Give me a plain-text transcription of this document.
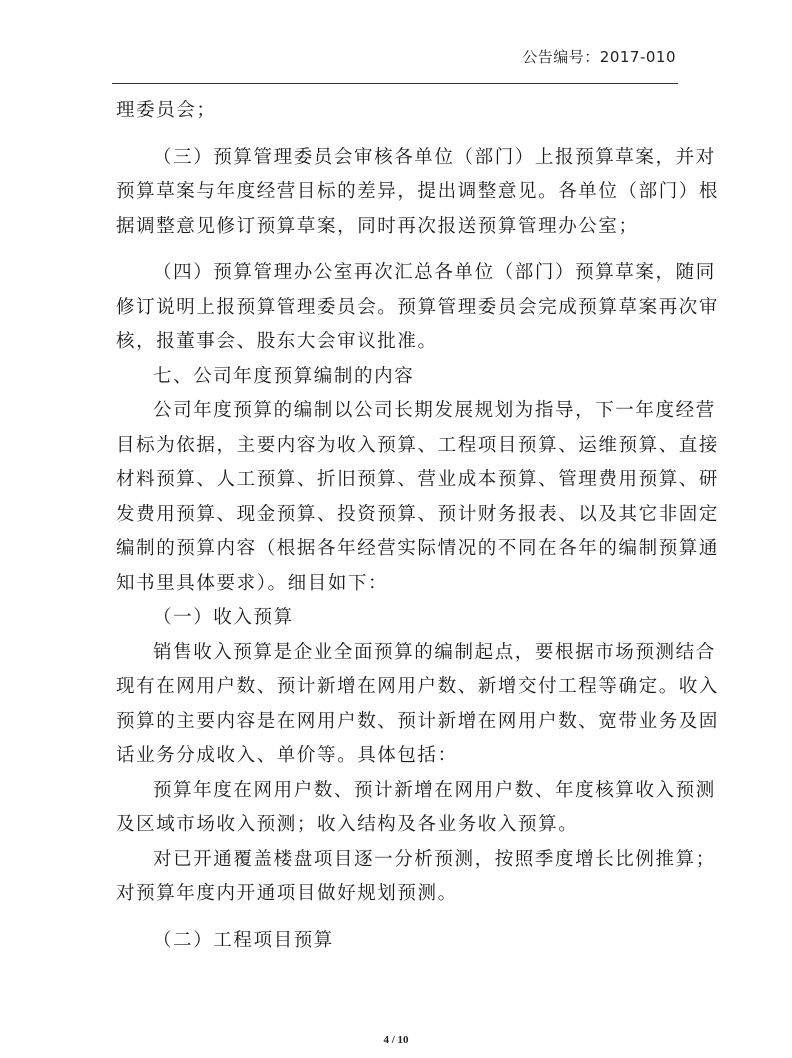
公告编号：2017-010
理委员会；
（三）预算管理委员会审核各单位（部门）上报预算草案，并对
预算草案与年度经营目标的差异，提出调整意见。各单位（部门）根
据调整意见修订预算草案，同时再次报送预算管理办公室；
（四）预算管理办公室再次汇总各单位（部门）预算草案，随同
修订说明上报预算管理委员会。预算管理委员会完成预算草案再次审
核，报董事会、股东大会审议批准。
七、公司年度预算编制的内容
公司年度预算的编制以公司长期发展规划为指导，下一年度经营
目标为依据，主要内容为收入预算、工程项目预算、运维预算、直接
材料预算、人工预算、折旧预算、营业成本预算、管理费用预算、研
发费用预算、现金预算、投资预算、预计财务报表、以及其它非固定
编制的预算内容（根据各年经营实际情况的不同在各年的编制预算通
知书里具体要求）。细目如下：
（一）收入预算
销售收入预算是企业全面预算的编制起点，要根据市场预测结合
现有在网用户数、预计新增在网用户数、新增交付工程等确定。收入
预算的主要内容是在网用户数、预计新增在网用户数、宽带业务及固
话业务分成收入、单价等。具体包括：
预算年度在网用户数、预计新增在网用户数、年度核算收入预测
及区域市场收入预测；收入结构及各业务收入预算。
对已开通覆盖楼盘项目逐一分析预测，按照季度增长比例推算；
对预算年度内开通项目做好规划预测。
（二）工程项目预算
4 / 10
